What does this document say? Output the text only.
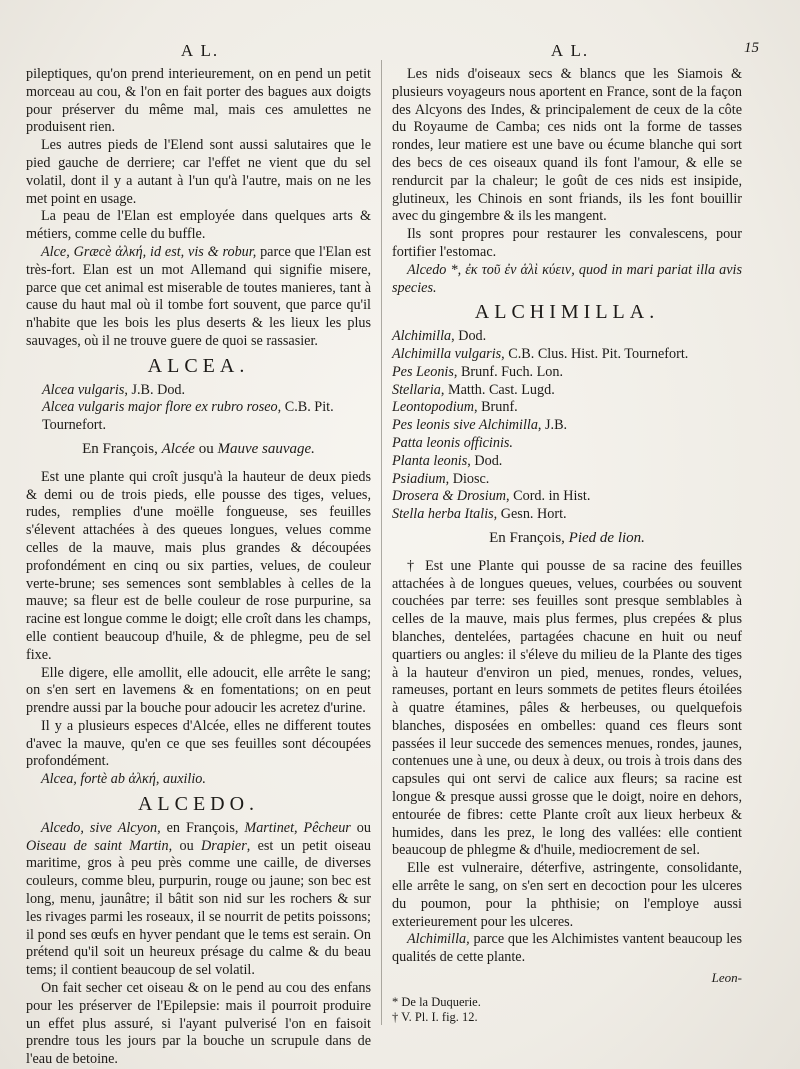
A L.	A L.	15

pileptiques, qu'on prend interieurement, on en pend un petit morceau au cou, & l'on en fait porter des bagues aux doigts pour préserver du même mal, mais ces amulettes ne produisent rien.

Les autres pieds de l'Elend sont aussi salutaires que le pied gauche de derriere; car l'effet ne vient que du sel volatil, dont il y a autant à l'un qu'à l'autre, mais on ne les met point en usage.

La peau de l'Elan est employée dans quelques arts & métiers, comme celle du buffle.

Alce, Græcè ἀλκή, id est, vis & robur, parce que l'Elan est très-fort. Elan est un mot Allemand qui signifie misere, parce que cet animal est miserable de toutes manieres, tant à cause du haut mal où il tombe fort souvent, que parce qu'il n'habite que les bois les plus deserts & les lieux les plus sauvages, où il ne trouve guere de quoi se rassasier.

ALCEA.

Alcea vulgaris, J.B. Dod.

Alcea vulgaris major flore ex rubro roseo, C.B. Pit. Tournefort.

En François, Alcée ou Mauve sauvage.

Est une plante qui croît jusqu'à la hauteur de deux pieds & demi ou de trois pieds, elle pousse des tiges, velues, rudes, remplies d'une moëlle fongueuse, ses feuilles s'élevent attachées à des queues longues, velues comme celles de la mauve, mais plus grandes & découpées profondément en cinq ou six parties, velues, de couleur verte-brune; ses semences sont semblables à celles de la mauve; sa fleur est de belle couleur de rose purpurine, sa racine est longue comme le doigt; elle croît dans les champs, elle contient beaucoup d'huile, & de phlegme, peu de sel fixe.

Elle digere, elle amollit, elle adoucit, elle arrête le sang; on s'en sert en lavemens & en fomentations; on en peut prendre aussi par la bouche pour adoucir les acretez d'urine.

Il y a plusieurs especes d'Alcée, elles ne different toutes d'avec la mauve, qu'en ce que ses feuilles sont découpées profondément.

Alcea, fortè ab ἀλκή, auxilio.

ALCEDO.

Alcedo, sive Alcyon, en François, Martinet, Pêcheur ou Oiseau de saint Martin, ou Drapier, est un petit oiseau maritime, gros à peu près comme une caille, de diverses couleurs, comme bleu, purpurin, rouge ou jaune; son bec est long, menu, jaunâtre; il bâtit son nid sur les rochers & sur les rivages parmi les roseaux, il se nourrit de petits poissons; il pond ses œufs en hyver pendant que le tems est serain. On prétend qu'il soit un heureux présage du calme & du beau tems; il contient beaucoup de sel volatil.

On fait secher cet oiseau & on le pend au cou des enfans pour les préserver de l'Epilepsie: mais il pourroit produire un effet plus assuré, si l'ayant pulverisé l'on en faisoit prendre tous les jours par la bouche un scrupule dans de l'eau de betoine.

Les nids d'oiseaux secs & blancs que les Siamois & plusieurs voyageurs nous aportent en France, sont de la façon des Alcyons des Indes, & principalement de ceux de la côte du Royaume de Camba; ces nids ont la forme de tasses rondes, leur matiere est une bave ou écume blanche qui sort des becs de ces oiseaux quand ils font l'amour, & elle se rendurcit par la chaleur; le goût de ces nids est insipide, glutineux, les Chinois en sont friands, ils les font bouillir avec du gingembre & ils les mangent.

Ils sont propres pour restaurer les convalescens, pour fortifier l'estomac.

Alcedo *, ἐκ τοῦ ἐν ἁλὶ κύειν, quod in mari pariat illa avis species.

ALCHIMILLA.

Alchimilla, Dod.

Alchimilla vulgaris, C.B. Clus. Hist. Pit. Tournefort.

Pes Leonis, Brunf. Fuch. Lon.

Stellaria, Matth. Cast. Lugd.

Leontopodium, Brunf.

Pes leonis sive Alchimilla, J.B.

Patta leonis officinis.

Planta leonis, Dod.

Psiadium, Diosc.

Drosera & Drosium, Cord. in Hist.

Stella herba Italis, Gesn. Hort.

En François, Pied de lion.

† Est une Plante qui pousse de sa racine des feuilles attachées à de longues queues, velues, courbées ou souvent couchées par terre: ses feuilles sont presque semblables à celles de la mauve, mais plus fermes, plus crepées & plus blanches, dentelées, partagées chacune en huit ou neuf quartiers ou angles: il s'éleve du milieu de la Plante des tiges à la hauteur d'environ un pied, menues, rondes, velues, rameuses, portant en leurs sommets de petites fleurs étoilées à quatre étamines, pâles & herbeuses, ou quelquefois blanches, disposées en ombelles: quand ces fleurs sont passées il leur succede des semences menues, rondes, jaunes, contenues une à une, ou deux à deux, ou trois à trois dans des capsules qui ont servi de calice aux fleurs; sa racine est longue & presque aussi grosse que le doigt, noire en dehors, entourée de fibres: cette Plante croît aux lieux herbeux & humides, dans les prez, le long des vallées: elle contient beaucoup de phlegme & d'huile, mediocrement de sel.

Elle est vulneraire, déterfive, astringente, consolidante, elle arrête le sang, on s'en sert en decoction pour les ulceres du poumon, pour la phthisie; on l'employe aussi exterieurement pour les ulceres.

Alchimilla, parce que les Alchimistes vantent beaucoup les qualités de cette plante.

Leon-

* De la Duquerie.

† V. Pl. I. fig. 12.
